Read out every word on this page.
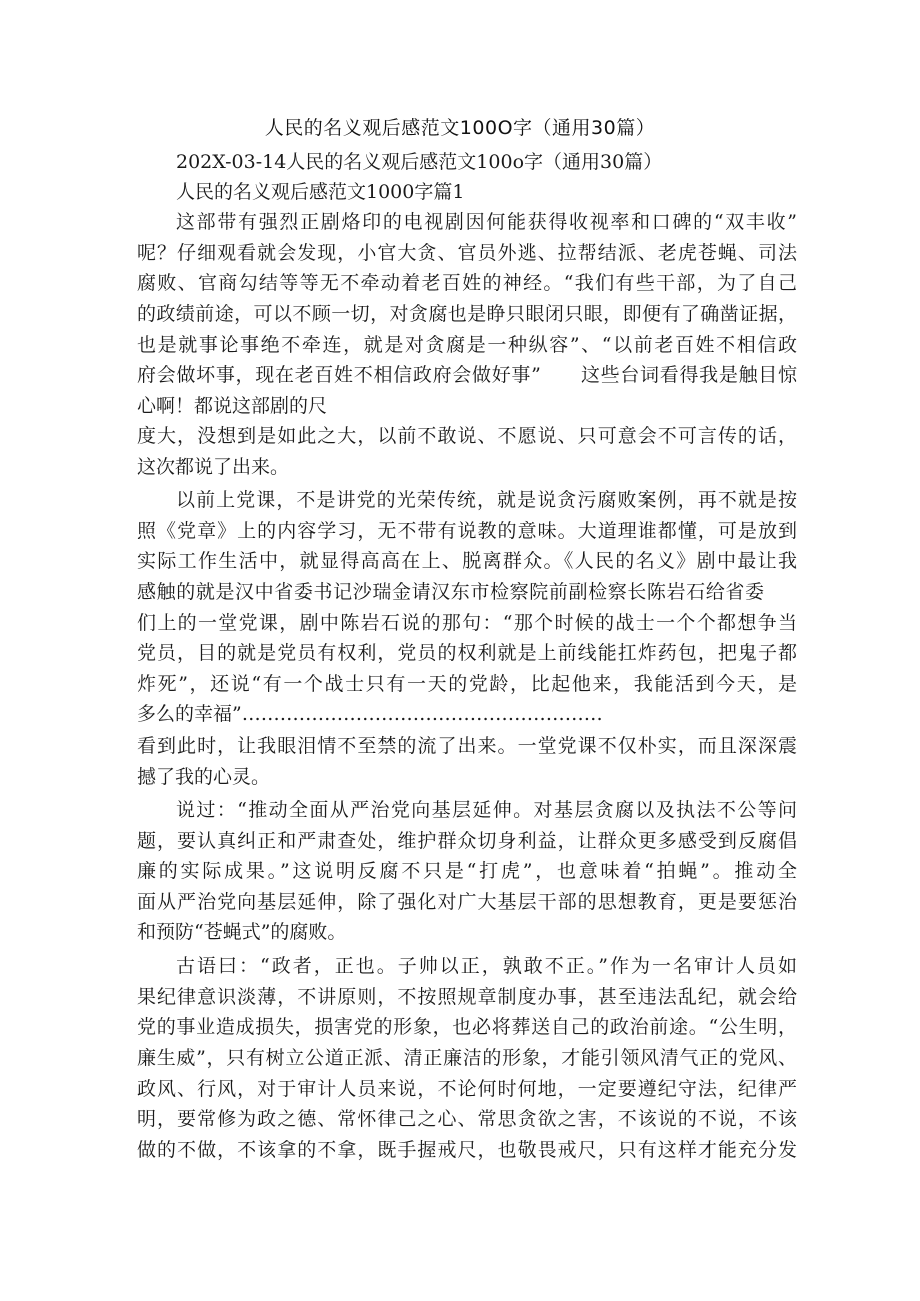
人民的名义观后感范文100O字（通用30篇）
202X-03-14人民的名义观后感范文100o字（通用30篇）
人民的名义观后感范文1000字篇1
这部带有强烈正剧烙印的电视剧因何能获得收视率和口碑的“双丰收”
呢？仔细观看就会发现，小官大贪、官员外逃、拉帮结派、老虎苍蝇、司法
腐败、官商勾结等等无不牵动着老百姓的神经。“我们有些干部，为了自己
的政绩前途，可以不顾一切，对贪腐也是睁只眼闭只眼，即便有了确凿证据，
也是就事论事绝不牵连，就是对贪腐是一种纵容”、“以前老百姓不相信政
府会做坏事，现在老百姓不相信政府会做好事”　　这些台词看得我是触目惊
心啊！都说这部剧的尺
度大，没想到是如此之大，以前不敢说、不愿说、只可意会不可言传的话，
这次都说了出来。
以前上党课，不是讲党的光荣传统，就是说贪污腐败案例，再不就是按
照《党章》上的内容学习，无不带有说教的意味。大道理谁都懂，可是放到
实际工作生活中，就显得高高在上、脱离群众。《人民的名义》剧中最让我
感触的就是汉中省委书记沙瑞金请汉东市检察院前副检察长陈岩石给省委
们上的一堂党课，剧中陈岩石说的那句：“那个时候的战士一个个都想争当
党员，目的就是党员有权利，党员的权利就是上前线能扛炸药包，把鬼子都
炸死”，还说“有一个战士只有一天的党龄，比起他来，我能活到今天，是
多么的幸福”…………………………………………………
看到此时，让我眼泪情不至禁的流了出来。一堂党课不仅朴实，而且深深震
撼了我的心灵。
说过：“推动全面从严治党向基层延伸。对基层贪腐以及执法不公等问
题，要认真纠正和严肃查处，维护群众切身利益，让群众更多感受到反腐倡
廉的实际成果。”这说明反腐不只是“打虎”，也意味着“拍蝇”。推动全
面从严治党向基层延伸，除了强化对广大基层干部的思想教育，更是要惩治
和预防“苍蝇式”的腐败。
古语曰：“政者，正也。子帅以正，孰敢不正。”作为一名审计人员如
果纪律意识淡薄，不讲原则，不按照规章制度办事，甚至违法乱纪，就会给
党的事业造成损失，损害党的形象，也必将葬送自己的政治前途。“公生明，
廉生威”，只有树立公道正派、清正廉洁的形象，才能引领风清气正的党风、
政风、行风，对于审计人员来说，不论何时何地，一定要遵纪守法，纪律严
明，要常修为政之德、常怀律己之心、常思贪欲之害，不该说的不说，不该
做的不做，不该拿的不拿，既手握戒尺，也敬畏戒尺，只有这样才能充分发
